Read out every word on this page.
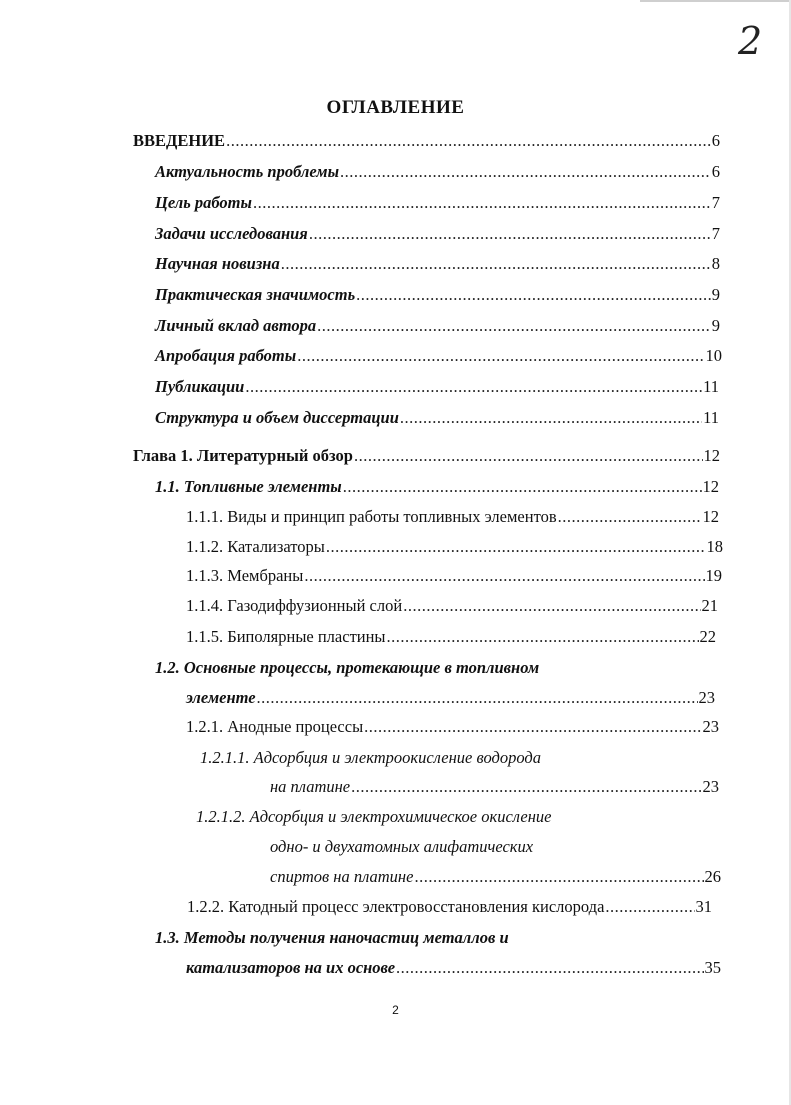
2
ОГЛАВЛЕНИЕ
ВВЕДЕНИЕ .....	6
Актуальность проблемы .....	6
Цель работы .....	7
Задачи исследования .....	7
Научная новизна .....	8
Практическая значимость .....	9
Личный вклад автора .....	9
Апробация работы .....	10
Публикации .....	11
Структура и объем диссертации .....	11
Глава 1. Литературный обзор .....	12
1.1. Топливные элементы .....	12
1.1.1. Виды и принцип работы топливных элементов .....	12
1.1.2. Катализаторы .....	18
1.1.3. Мембраны .....	19
1.1.4. Газодиффузионный слой .....	21
1.1.5. Биполярные пластины .....	22
1.2. Основные процессы, протекающие в топливном
элементе .....	23
1.2.1. Анодные процессы .....	23
1.2.1.1. Адсорбция и электроокисление водорода
на платине .....	23
1.2.1.2. Адсорбция и электрохимическое окисление
одно- и двухатомных алифатических
спиртов на платине .....	26
1.2.2. Катодный процесс электровосстановления кислорода .....	31
1.3. Методы получения наночастиц металлов и
катализаторов на их основе .....	35
2
